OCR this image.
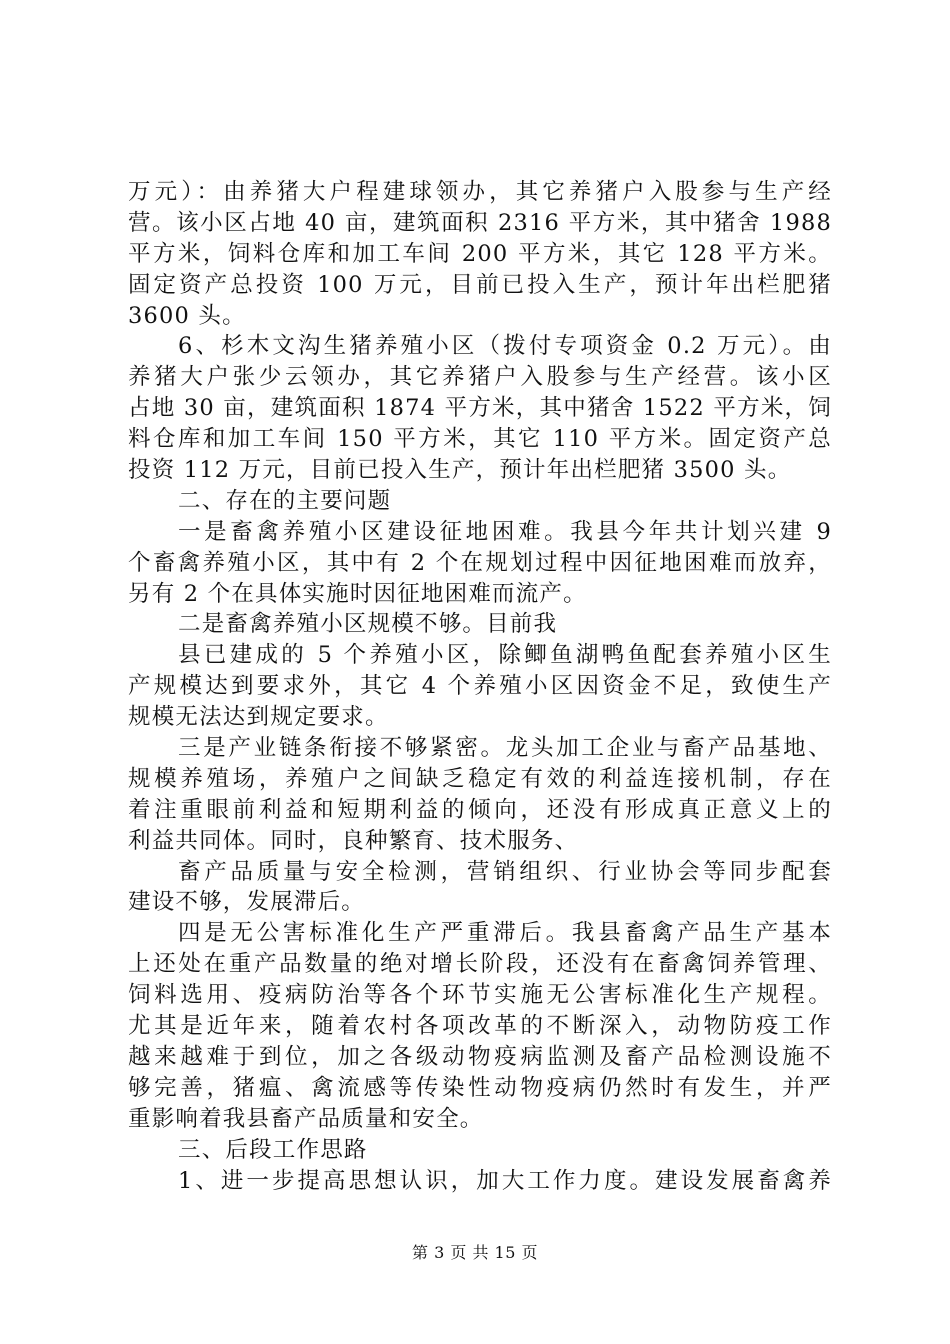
万元）：由养猪大户程建球领办，其它养猪户入股参与生产经
营。该小区占地 40 亩，建筑面积 2316 平方米，其中猪舍 1988
平方米，饲料仓库和加工车间 200 平方米，其它 128 平方米。
固定资产总投资 100 万元，目前已投入生产，预计年出栏肥猪
3600 头。
6、杉木文沟生猪养殖小区（拨付专项资金 0.2 万元）。由
养猪大户张少云领办，其它养猪户入股参与生产经营。该小区
占地 30 亩，建筑面积 1874 平方米，其中猪舍 1522 平方米，饲
料仓库和加工车间 150 平方米，其它 110 平方米。固定资产总
投资 112 万元，目前已投入生产，预计年出栏肥猪 3500 头。
二、存在的主要问题
一是畜禽养殖小区建设征地困难。我县今年共计划兴建 9
个畜禽养殖小区，其中有 2 个在规划过程中因征地困难而放弃，
另有 2 个在具体实施时因征地困难而流产。
二是畜禽养殖小区规模不够。目前我
县已建成的 5 个养殖小区，除鲫鱼湖鸭鱼配套养殖小区生
产规模达到要求外，其它 4 个养殖小区因资金不足，致使生产
规模无法达到规定要求。
三是产业链条衔接不够紧密。龙头加工企业与畜产品基地、
规模养殖场，养殖户之间缺乏稳定有效的利益连接机制，存在
着注重眼前利益和短期利益的倾向，还没有形成真正意义上的
利益共同体。同时，良种繁育、技术服务、
畜产品质量与安全检测，营销组织、行业协会等同步配套
建设不够，发展滞后。
四是无公害标准化生产严重滞后。我县畜禽产品生产基本
上还处在重产品数量的绝对增长阶段，还没有在畜禽饲养管理、
饲料选用、疫病防治等各个环节实施无公害标准化生产规程。
尤其是近年来，随着农村各项改革的不断深入，动物防疫工作
越来越难于到位，加之各级动物疫病监测及畜产品检测设施不
够完善，猪瘟、禽流感等传染性动物疫病仍然时有发生，并严
重影响着我县畜产品质量和安全。
三、后段工作思路
1、进一步提高思想认识，加大工作力度。建设发展畜禽养
第 3 页 共 15 页
